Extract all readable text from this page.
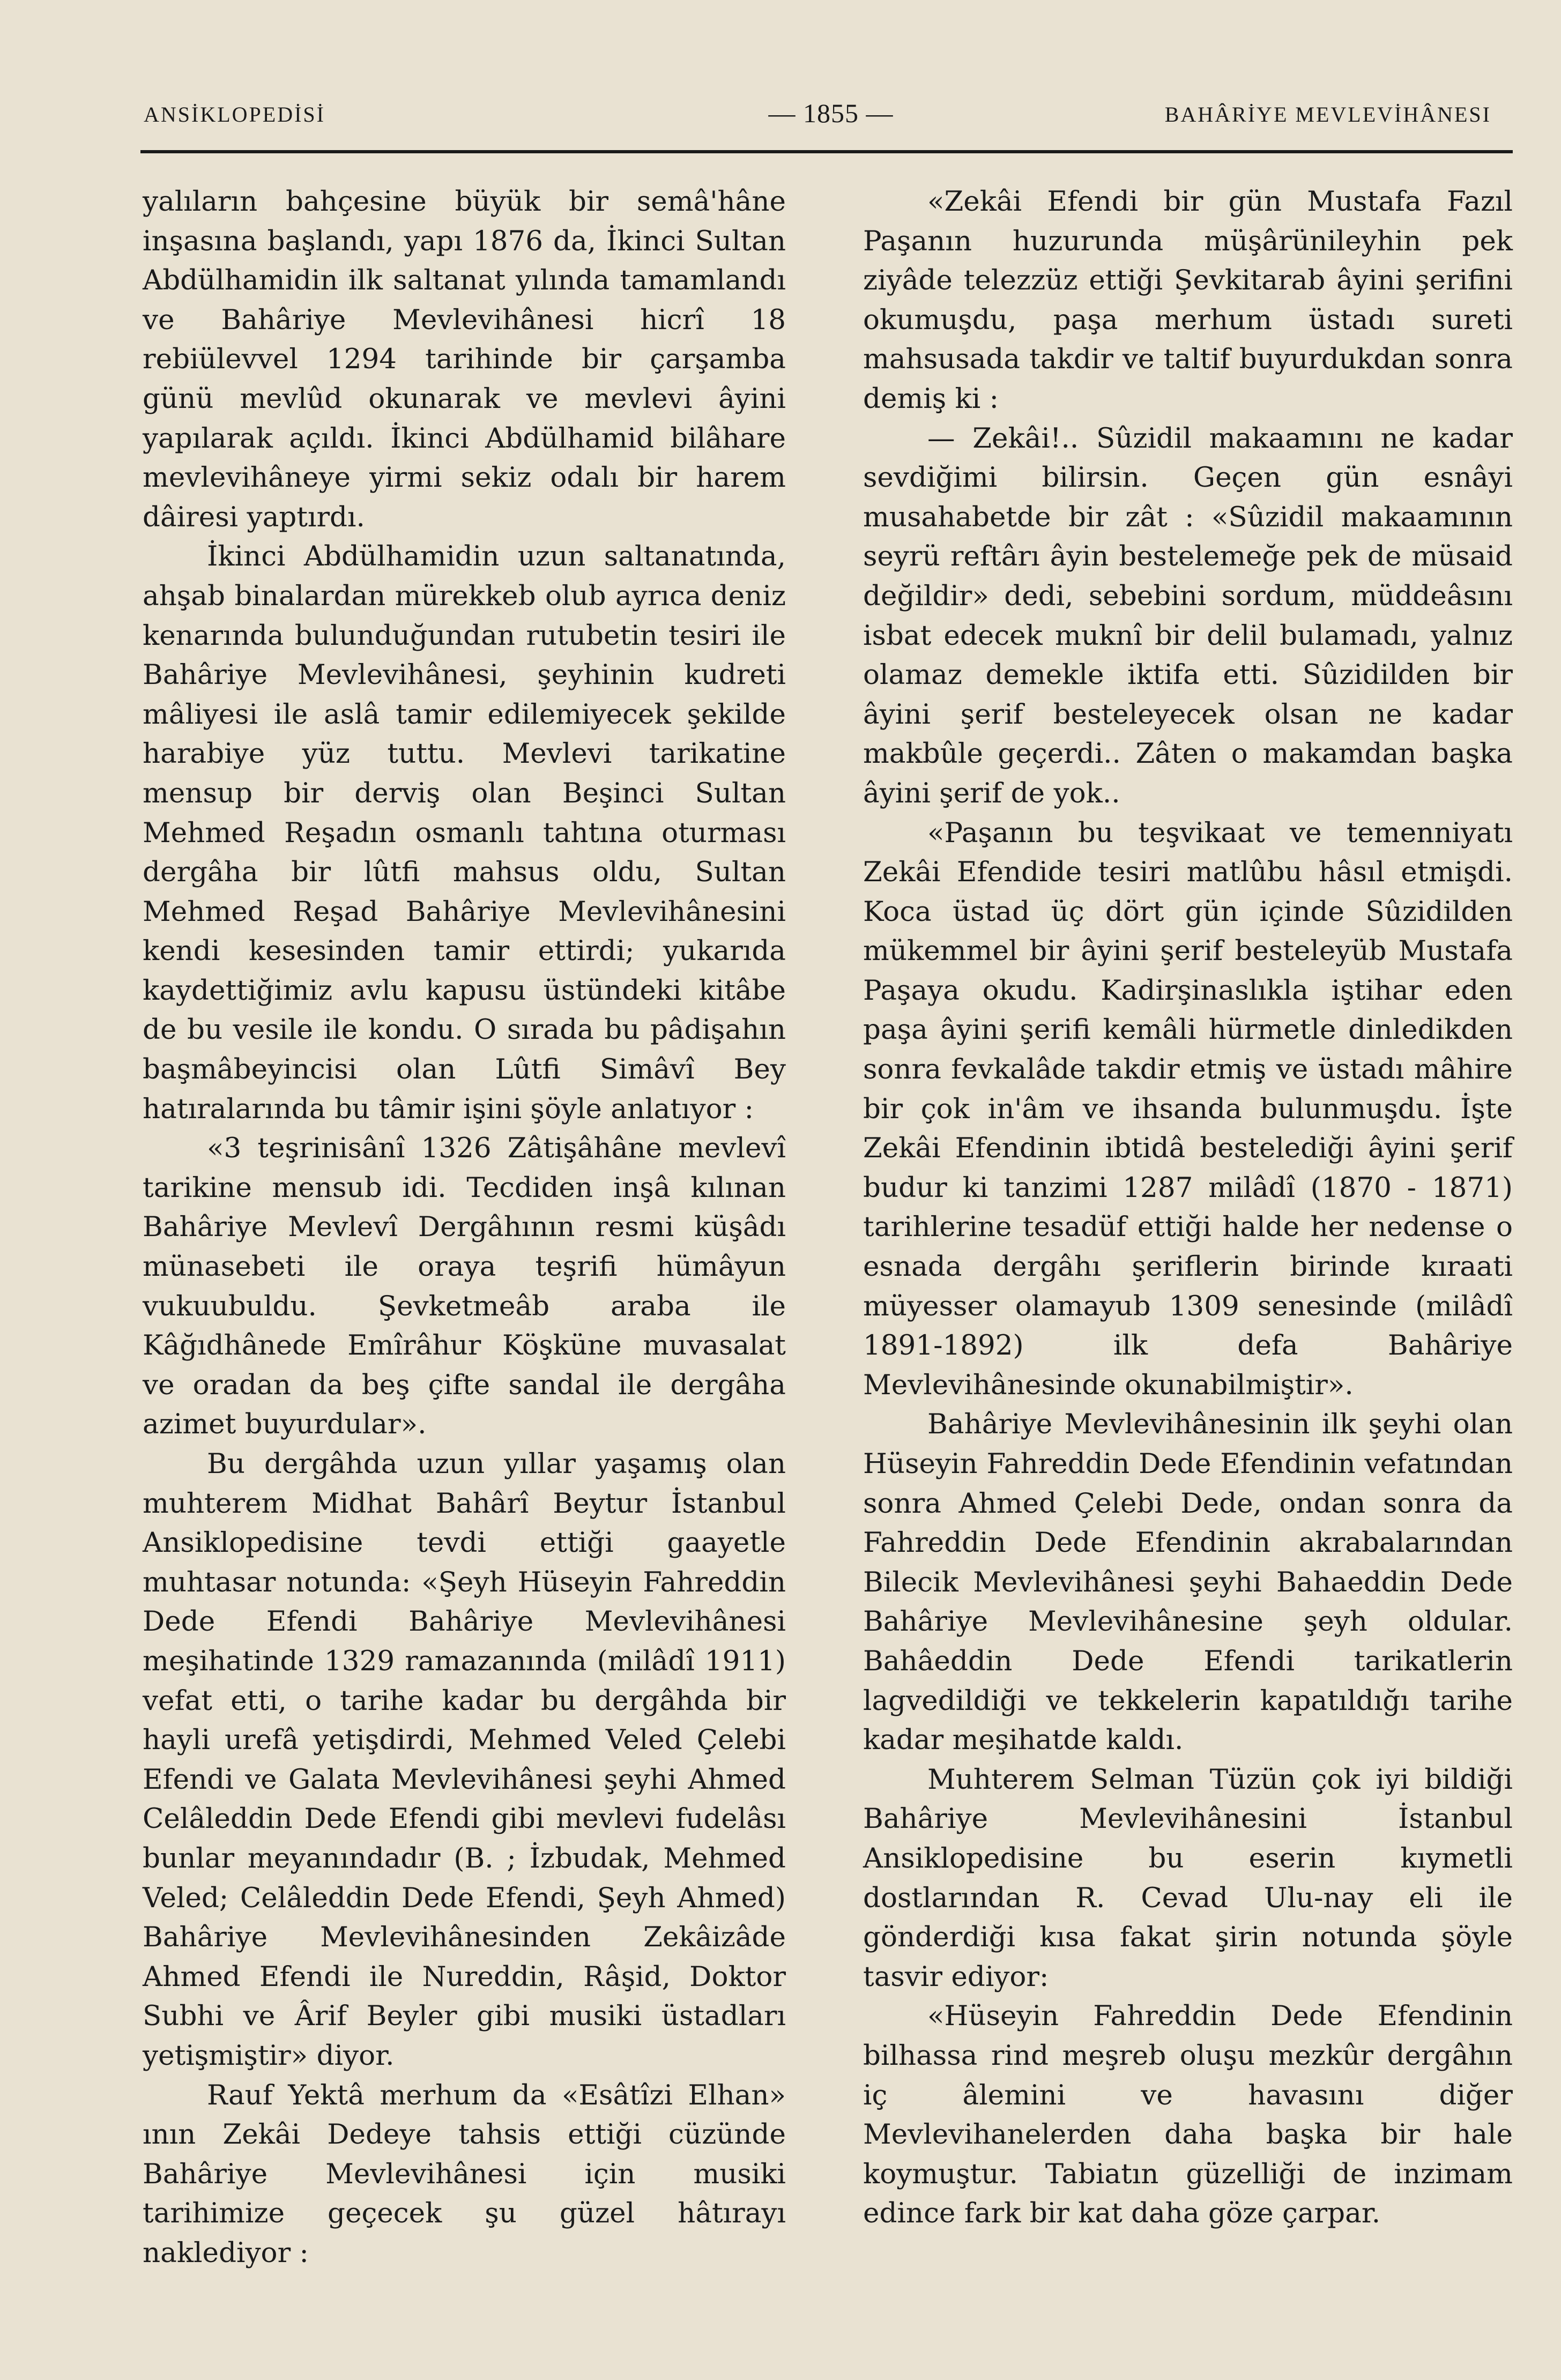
ANSİKLOPEDİSİ	— 1855 —	BAHÂRİYE MEVLEVİHÂNESI

yalıların bahçesine büyük bir semâ'hâne inşasına başlandı, yapı 1876 da, İkinci Sultan Abdülhamidin ilk saltanat yılında tamamlandı ve Bahâriye Mevlevihânesi hicrî 18 rebiülevvel 1294 tarihinde bir çarşamba günü mevlûd okunarak ve mevlevi âyini yapılarak açıldı. İkinci Abdülhamid bilâhare mevlevihâneye yirmi sekiz odalı bir harem dâiresi yaptırdı.

İkinci Abdülhamidin uzun saltanatında, ahşab binalardan mürekkeb olub ayrıca deniz kenarında bulunduğundan rutubetin tesiri ile Bahâriye Mevlevihânesi, şeyhinin kudreti mâliyesi ile aslâ tamir edilemiyecek şekilde harabiye yüz tuttu. Mevlevi tarikatine mensup bir derviş olan Beşinci Sultan Mehmed Reşadın osmanlı tahtına oturması dergâha bir lûtfi mahsus oldu, Sultan Mehmed Reşad Bahâriye Mevlevihânesini kendi kesesinden tamir ettirdi; yukarıda kaydettiğimiz avlu kapusu üstündeki kitâbe de bu vesile ile kondu. O sırada bu pâdişahın başmâbeyincisi olan Lûtfi Simâvî Bey hatıralarında bu tâmir işini şöyle anlatıyor :

«3 teşrinisânî 1326 Zâtişâhâne mevlevî tarikine mensub idi. Tecdiden inşâ kılınan Bahâriye Mevlevî Dergâhının resmi küşâdı münasebeti ile oraya teşrifi hümâyun vukuubuldu. Şevketmeâb araba ile Kâğıdhânede Emîrâhur Köşküne muvasalat ve oradan da beş çifte sandal ile dergâha azimet buyurdular».

Bu dergâhda uzun yıllar yaşamış olan muhterem Midhat Bahârî Beytur İstanbul Ansiklopedisine tevdi ettiği gaayetle muhtasar notunda: «Şeyh Hüseyin Fahreddin Dede Efendi Bahâriye Mevlevihânesi meşihatinde 1329 ramazanında (milâdî 1911) vefat etti, o tarihe kadar bu dergâhda bir hayli urefâ yetişdirdi, Mehmed Veled Çelebi Efendi ve Galata Mevlevihânesi şeyhi Ahmed Celâleddin Dede Efendi gibi mevlevi fudelâsı bunlar meyanındadır (B. ; İzbudak, Mehmed Veled; Celâleddin Dede Efendi, Şeyh Ahmed) Bahâriye Mevlevihânesinden Zekâizâde Ahmed Efendi ile Nureddin, Râşid, Doktor Subhi ve Ârif Beyler gibi musiki üstadları yetişmiştir» diyor.

Rauf Yektâ merhum da «Esâtîzi Elhan» ının Zekâi Dedeye tahsis ettiği cüzünde Bahâriye Mevlevihânesi için musiki tarihimize geçecek şu güzel hâtırayı naklediyor :

«Zekâi Efendi bir gün Mustafa Fazıl Paşanın huzurunda müşârünileyhin pek ziyâde telezzüz ettiği Şevkitarab âyini şerifini okumuşdu, paşa merhum üstadı sureti mahsusada takdir ve taltif buyurdukdan sonra demiş ki :

— Zekâi!.. Sûzidil makaamını ne kadar sevdiğimi bilirsin. Geçen gün esnâyi musahabetde bir zât : «Sûzidil makaamının seyrü reftârı âyin bestelemeğe pek de müsaid değildir» dedi, sebebini sordum, müddeâsını isbat edecek muknî bir delil bulamadı, yalnız olamaz demekle iktifa etti. Sûzidilden bir âyini şerif besteleyecek olsan ne kadar makbûle geçerdi.. Zâten o makamdan başka âyini şerif de yok..

«Paşanın bu teşvikaat ve temenniyatı Zekâi Efendide tesiri matlûbu hâsıl etmişdi. Koca üstad üç dört gün içinde Sûzidilden mükemmel bir âyini şerif besteleyüb Mustafa Paşaya okudu. Kadirşinaslıkla iştihar eden paşa âyini şerifi kemâli hürmetle dinledikden sonra fevkalâde takdir etmiş ve üstadı mâhire bir çok in'âm ve ihsanda bulunmuşdu. İşte Zekâi Efendinin ibtidâ bestelediği âyini şerif budur ki tanzimi 1287 milâdî (1870 - 1871) tarihlerine tesadüf ettiği halde her nedense o esnada dergâhı şeriflerin birinde kıraati müyesser olamayub 1309 senesinde (milâdî 1891-1892) ilk defa Bahâriye Mevlevihânesinde okunabilmiştir».

Bahâriye Mevlevihânesinin ilk şeyhi olan Hüseyin Fahreddin Dede Efendinin vefatından sonra Ahmed Çelebi Dede, ondan sonra da Fahreddin Dede Efendinin akrabalarından Bilecik Mevlevihânesi şeyhi Bahaeddin Dede Bahâriye Mevlevihânesine şeyh oldular. Bahâeddin Dede Efendi tarikatlerin lagvedildiği ve tekkelerin kapatıldığı tarihe kadar meşihatde kaldı.

Muhterem Selman Tüzün çok iyi bildiği Bahâriye Mevlevihânesini İstanbul Ansiklopedisine bu eserin kıymetli dostlarından R. Cevad Ulu-nay eli ile gönderdiği kısa fakat şirin notunda şöyle tasvir ediyor:

«Hüseyin Fahreddin Dede Efendinin bilhassa rind meşreb oluşu mezkûr dergâhın iç âlemini ve havasını diğer Mevlevihanelerden daha başka bir hale koymuştur. Tabiatın güzelliği de inzimam edince fark bir kat daha göze çarpar.
